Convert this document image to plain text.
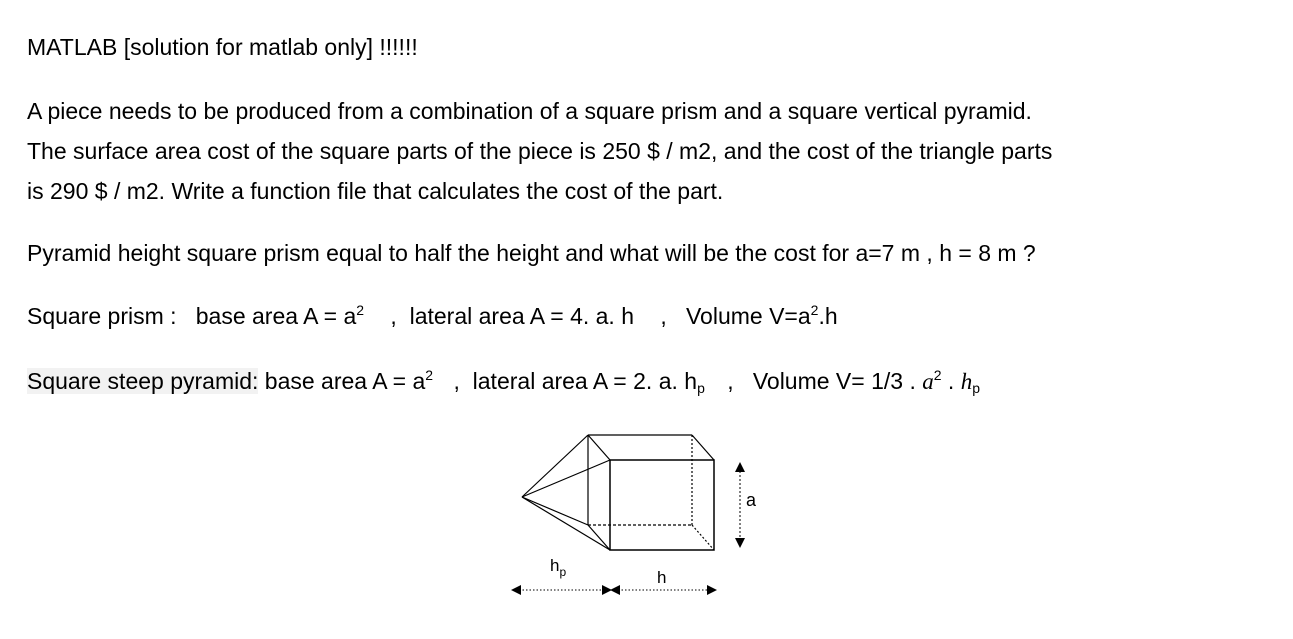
MATLAB [solution for matlab only] !!!!!!

A piece needs to be produced from a combination of a square prism and a square vertical pyramid.

The surface area cost of the square parts of the piece is 250 $ / m2, and the cost of the triangle parts

is 290 $ / m2. Write a function file that calculates the cost of the part.

Pyramid height square prism equal to half the height and what will be the cost for a=7 m , h = 8 m ?

Square prism : base area $A = a^2$ ,  lateral area A = 4. a. h ,   Volume $V=a^2.h$

Square steep pyramid: base area $A = a^2$ ,  lateral area A = 2. a. $h_p$ ,   Volume V= 1/3 . $a^2$ . $h_p$

a
$h_p$	h
